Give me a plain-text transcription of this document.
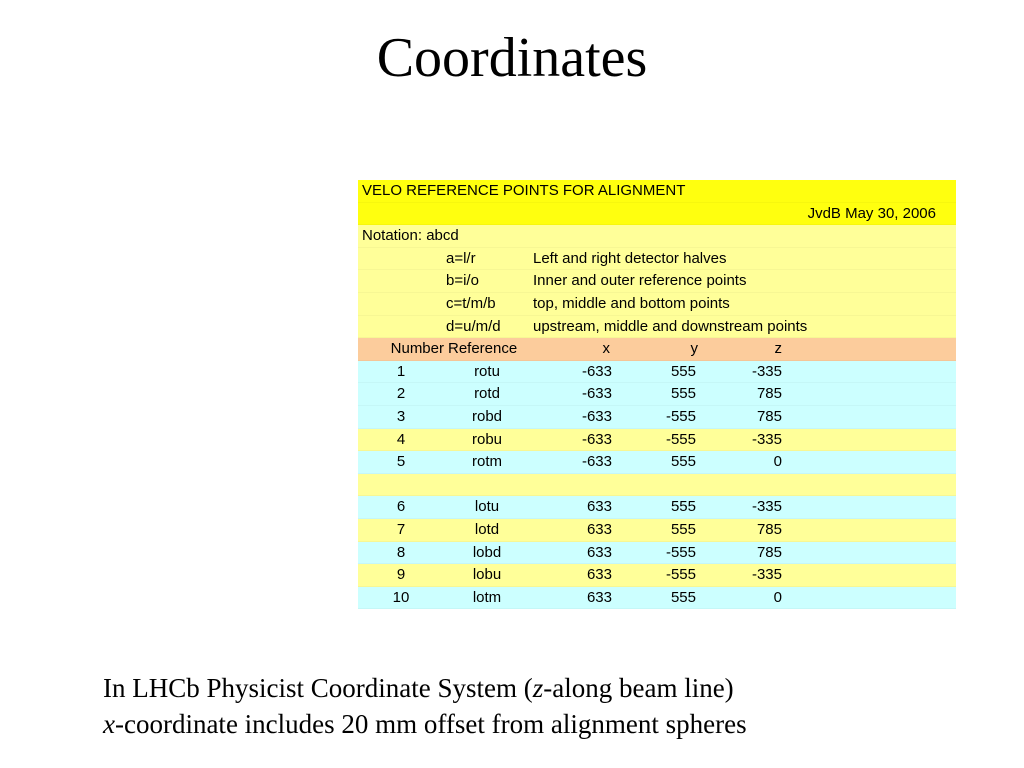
Coordinates
VELO REFERENCE POINTS FOR ALIGNMENT
JvdB May 30, 2006
Notation: abcd
a=l/r	Left and right detector halves
b=i/o	Inner and outer reference points
c=t/m/b	top, middle and bottom points
d=u/m/d	upstream, middle and downstream points
Number Reference	x	y	z
1	rotu	-633	555	-335
2	rotd	-633	555	785
3	robd	-633	-555	785
4	robu	-633	-555	-335
5	rotm	-633	555	0
6	lotu	633	555	-335
7	lotd	633	555	785
8	lobd	633	-555	785
9	lobu	633	-555	-335
10	lotm	633	555	0
In LHCb Physicist Coordinate System (z-along beam line)
x-coordinate includes 20 mm offset from alignment spheres
